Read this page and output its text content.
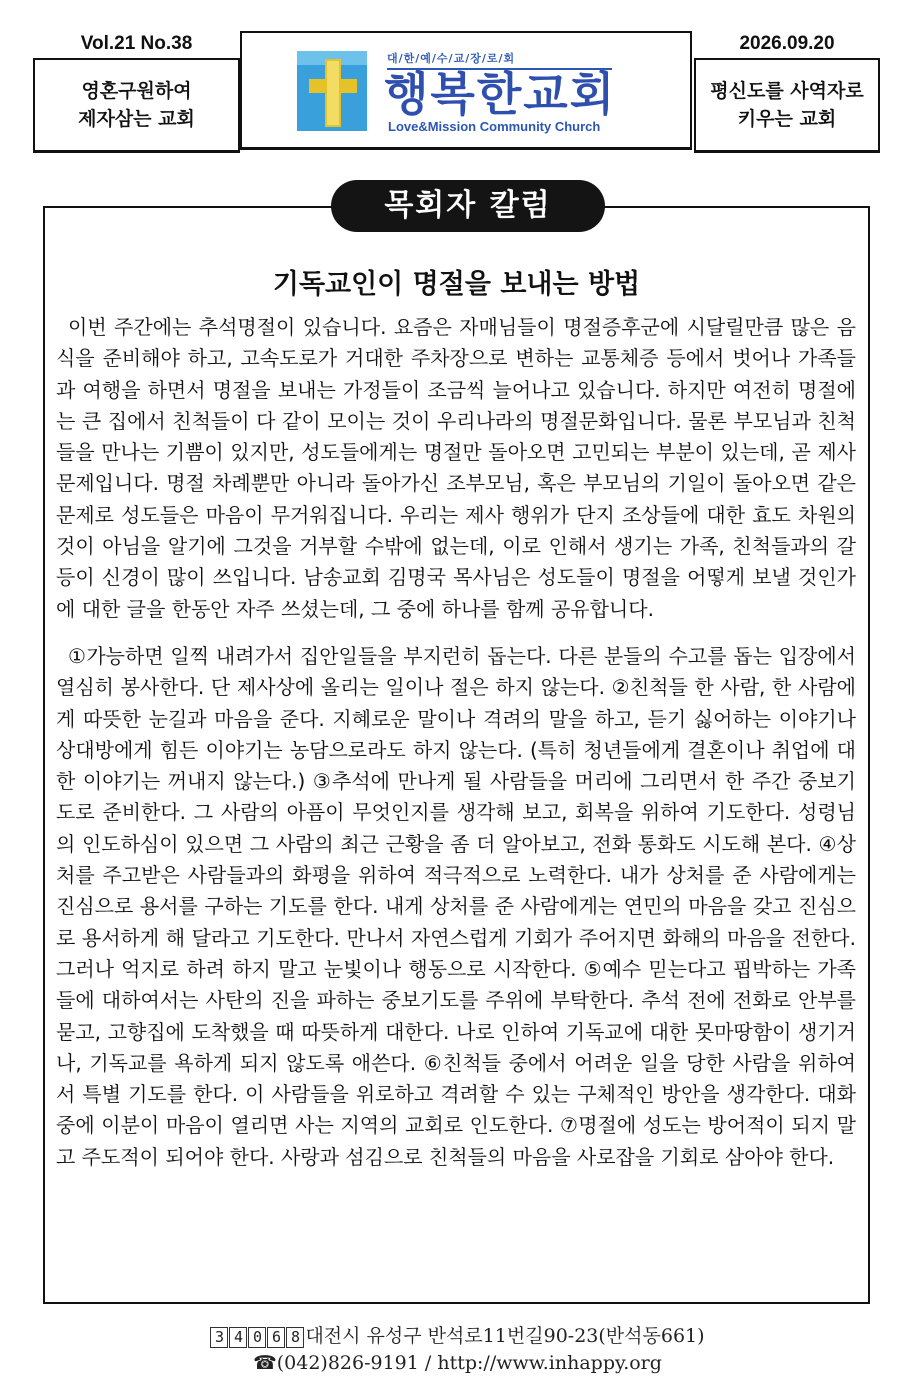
Vol.21 No.38
영혼구원하여
제자삼는 교회
대/한/예/수/교/장/로/회
행복한교회
Love&Mission Community Church
2026.09.20
평신도를 사역자로
키우는 교회
목회자 칼럼
기독교인이 명절을 보내는 방법

이번 주간에는 추석명절이 있습니다. 요즘은 자매님들이 명절증후군에 시달릴만큼 많은 음식을 준비해야 하고, 고속도로가 거대한 주차장으로 변하는 교통체증 등에서 벗어나 가족들과 여행을 하면서 명절을 보내는 가정들이 조금씩 늘어나고 있습니다. 하지만 여전히 명절에는 큰 집에서 친척들이 다 같이 모이는 것이 우리나라의 명절문화입니다. 물론 부모님과 친척들을 만나는 기쁨이 있지만, 성도들에게는 명절만 돌아오면 고민되는 부분이 있는데, 곧 제사문제입니다. 명절 차례뿐만 아니라 돌아가신 조부모님, 혹은 부모님의 기일이 돌아오면 같은 문제로 성도들은 마음이 무거워집니다. 우리는 제사 행위가 단지 조상들에 대한 효도 차원의 것이 아님을 알기에 그것을 거부할 수밖에 없는데, 이로 인해서 생기는 가족, 친척들과의 갈등이 신경이 많이 쓰입니다. 남송교회 김명국 목사님은 성도들이 명절을 어떻게 보낼 것인가에 대한 글을 한동안 자주 쓰셨는데, 그 중에 하나를 함께 공유합니다.

①가능하면 일찍 내려가서 집안일들을 부지런히 돕는다. 다른 분들의 수고를 돕는 입장에서 열심히 봉사한다. 단 제사상에 올리는 일이나 절은 하지 않는다. ②친척들 한 사람, 한 사람에게 따뜻한 눈길과 마음을 준다. 지혜로운 말이나 격려의 말을 하고, 듣기 싫어하는 이야기나 상대방에게 힘든 이야기는 농담으로라도 하지 않는다. (특히 청년들에게 결혼이나 취업에 대한 이야기는 꺼내지 않는다.) ③추석에 만나게 될 사람들을 머리에 그리면서 한 주간 중보기도로 준비한다. 그 사람의 아픔이 무엇인지를 생각해 보고, 회복을 위하여 기도한다. 성령님의 인도하심이 있으면 그 사람의 최근 근황을 좀 더 알아보고, 전화 통화도 시도해 본다. ④상처를 주고받은 사람들과의 화평을 위하여 적극적으로 노력한다. 내가 상처를 준 사람에게는 진심으로 용서를 구하는 기도를 한다. 내게 상처를 준 사람에게는 연민의 마음을 갖고 진심으로 용서하게 해 달라고 기도한다. 만나서 자연스럽게 기회가 주어지면 화해의 마음을 전한다. 그러나 억지로 하려 하지 말고 눈빛이나 행동으로 시작한다. ⑤예수 믿는다고 핍박하는 가족들에 대하여서는 사탄의 진을 파하는 중보기도를 주위에 부탁한다. 추석 전에 전화로 안부를 묻고, 고향집에 도착했을 때 따뜻하게 대한다. 나로 인하여 기독교에 대한 못마땅함이 생기거나, 기독교를 욕하게 되지 않도록 애쓴다. ⑥친척들 중에서 어려운 일을 당한 사람을 위하여서 특별 기도를 한다. 이 사람들을 위로하고 격려할 수 있는 구체적인 방안을 생각한다. 대화 중에 이분이 마음이 열리면 사는 지역의 교회로 인도한다. ⑦명절에 성도는 방어적이 되지 말고 주도적이 되어야 한다. 사랑과 섬김으로 친척들의 마음을 사로잡을 기회로 삼아야 한다.

3 4 0 6 8 대전시 유성구 반석로11번길90-23(반석동661)
☎(042)826-9191 / http://www.inhappy.org
